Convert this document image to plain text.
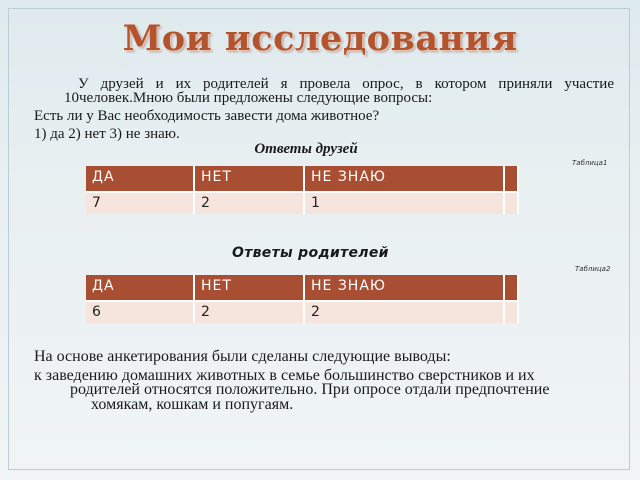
Мои исследования
У друзей и их родителей я провела опрос, в котором приняли участие
10человек.Мною были предложены следующие вопросы:
Есть ли у Вас необходимость завести дома животное?
1) да 2) нет 3) не знаю.
Ответы друзей
Таблица1
ДА	НЕТ	НЕ ЗНАЮ	
7	2	1	
Ответы родителей
Таблица2
ДА	НЕТ	НЕ ЗНАЮ	
6	2	2	
На основе анкетирования были сделаны следующие выводы:
к заведению домашних животных в семье большинство сверстников и их
родителей относятся положительно. При опросе отдали предпочтение
хомякам, кошкам и попугаям.
